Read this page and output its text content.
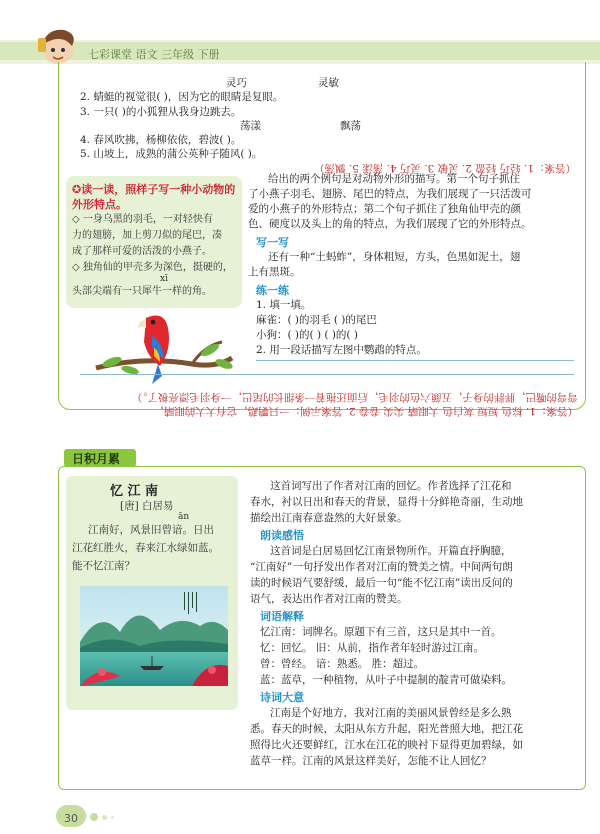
七彩课堂 语文 三年级 下册
灵巧	灵敏
2. 蜻蜓的视觉很( )，因为它的眼睛是复眼。
3. 一只( )的小狐狸从我身边跳去。
荡漾	飘荡
4. 春风吹拂，杨柳依依，碧波( )。
5. 山坡上，成熟的蒲公英种子随风( )。
（答案：1. 轻巧 轻盈 2. 灵敏 3. 灵巧 4. 荡漾 5. 飘荡）
✪读一读，照样子写一种小动物的外形特点。
◇ 一身乌黑的羽毛，一对轻快有
力的翅膀，加上剪刀似的尾巴，凑
成了那样可爱的活泼的小燕子。
◇ 独角仙的甲壳多为深色，挺硬的，
xī
头部尖端有一只犀牛一样的角。
给出的两个例句是对动物外形的描写。第一个句子抓住
了小燕子羽毛、翅膀、尾巴的特点，为我们展现了一只活泼可
爱的小燕子的外形特点；第二个句子抓住了独角仙甲壳的颜
色、硬度以及头上的角的特点，为我们展现了它的外形特点。
写一写
还有一种“土蚂蚱”，身体粗短，方头，色黑如泥土，翅
上有黑斑。
练一练
1. 填一填。
麻雀：( )的羽毛 ( )的尾巴
小狗：( )的( ) ( )的( )
2. 用一段话描写左图中鹦鹉的特点。
弯弯的嘴巴，胖胖的身子，五颜六色的羽毛，后面还拖着一条细长的尾巴，一身羽毛漂亮极了。）
（答案：1. 棕色 短短 灰白色 大眼睛 尖尖 卷卷 2. 答案示例：一只鹦鹉，它有大大的眼睛，
日积月累
忆 江 南
[唐] 白居易
ān
江南好，风景旧曾谙。日出
江花红胜火，春来江水绿如蓝。
能不忆江南？
这首词写出了作者对江南的回忆。作者选择了江花和
春水，衬以日出和春天的背景，显得十分鲜艳奇丽，生动地
描绘出江南春意盎然的大好景象。
朗读感悟
这首词是白居易回忆江南景物所作。开篇直抒胸臆，
“江南好”一句抒发出作者对江南的赞美之情。中间两句朗
读的时候语气要舒缓，最后一句“能不忆江南”读出反问的
语气，表达出作者对江南的赞美。
词语解释
忆江南：词牌名。原题下有三首，这只是其中一首。
忆：回忆。 旧：从前，指作者年轻时游过江南。
曾：曾经。 谙：熟悉。 胜：超过。
蓝：蓝草，一种植物，从叶子中提制的靛青可做染料。
诗词大意
江南是个好地方，我对江南的美丽风景曾经是多么熟
悉。春天的时候，太阳从东方升起，阳光普照大地，把江花
照得比火还要鲜红，江水在江花的映衬下显得更加碧绿，如
蓝草一样。江南的风景这样美好，怎能不让人回忆？
30
